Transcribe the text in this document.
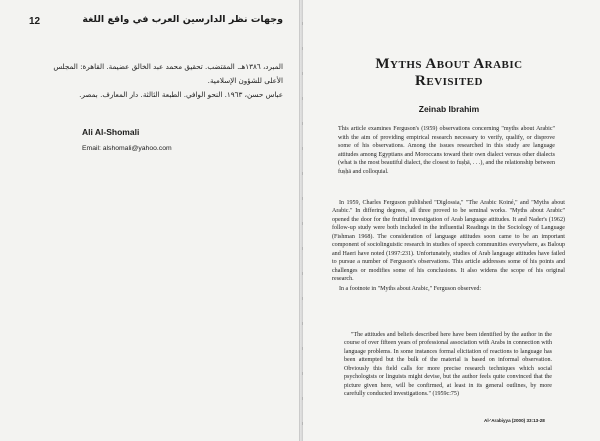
12	وجهات نظر الدارسين العرب في واقع اللغة
المبرد، ١٣٨٦هـ. المقتضب. تحقيق محمد عبد الخالق عضيمة. القاهرة: المجلس
الأعلى للشؤون الإسلامية.
عباس حسن، ١٩٦٣. النحو الوافي. الطبعة الثالثة. دار المعارف. بمصر.
Ali Al-Shomali
Email: alshomali@yahoo.com
Myths About Arabic
Revisited
Zeinab Ibrahim
This article examines Ferguson's (1959) observations concerning "myths about Arabic" with the aim of providing empirical research necessary to verify, qualify, or disprove some of his observations. Among the issues researched in this study are language attitudes among Egyptians and Moroccans toward their own dialect versus other dialects (what is the most beautiful dialect, the closest to fuṣḥā, . . .), and the relationship between fuṣḥā and colloquial.

In 1959, Charles Ferguson published "Diglossia," "The Arabic Koiné," and "Myths about Arabic." In differing degrees, all three proved to be seminal works. "Myths about Arabic" opened the door for the fruitful investigation of Arab language attitudes. It and Nader's (1962) follow-up study were both included in the influential Readings in the Sociology of Language (Fishman 1968). The consideration of language attitudes soon came to be an important component of sociolinguistic research in studies of speech communities everywhere, as Baloup and Haeri have noted (1997:231). Unfortunately, studies of Arab language attitudes have failed to pursue a number of Ferguson's observations. This article addresses some of his points and challenges or modifies some of his conclusions. It also widens the scope of his original research.

In a footnote in "Myths about Arabic," Ferguson observed:

"The attitudes and beliefs described here have been identified by the author in the course of over fifteen years of professional association with Arabs in connection with language problems. In some instances formal elicitation of reactions to language has been attempted but the bulk of the material is based on informal observation. Obviously this field calls for more precise research techniques which social psychologists or linguists might devise, but the author feels quite convinced that the picture given here, will be confirmed, at least in its general outlines, by more carefully conducted investigations." (1959c:75)
Al-'Arabiyya (2000) 33:13-28
